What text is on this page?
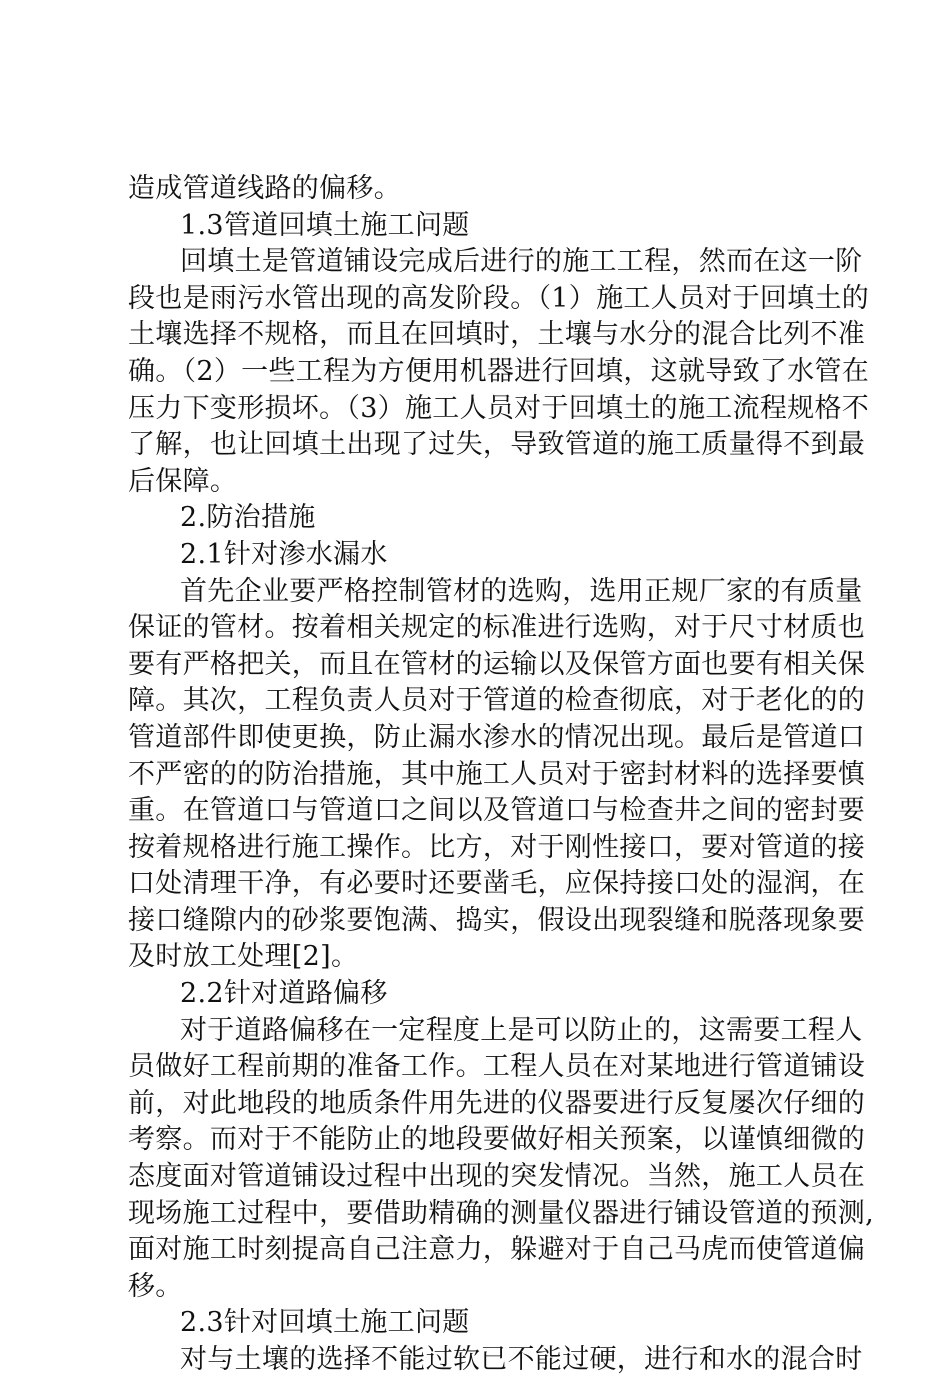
造成管道线路的偏移。
1.3管道回填土施工问题
回填土是管道铺设完成后进行的施工工程，然而在这一阶
段也是雨污水管出现的高发阶段。（1）施工人员对于回填土的
土壤选择不规格，而且在回填时，土壤与水分的混合比列不准
确。（2）一些工程为方便用机器进行回填，这就导致了水管在
压力下变形损坏。（3）施工人员对于回填土的施工流程规格不
了解，也让回填土出现了过失，导致管道的施工质量得不到最
后保障。
2.防治措施
2.1针对渗水漏水
首先企业要严格控制管材的选购，选用正规厂家的有质量
保证的管材。按着相关规定的标准进行选购，对于尺寸材质也
要有严格把关，而且在管材的运输以及保管方面也要有相关保
障。其次，工程负责人员对于管道的检查彻底，对于老化的的
管道部件即使更换，防止漏水渗水的情况出现。最后是管道口
不严密的的防治措施，其中施工人员对于密封材料的选择要慎
重。在管道口与管道口之间以及管道口与检查井之间的密封要
按着规格进行施工操作。比方，对于刚性接口，要对管道的接
口处清理干净，有必要时还要凿毛，应保持接口处的湿润，在
接口缝隙内的砂浆要饱满、捣实，假设出现裂缝和脱落现象要
及时放工处理[2]。
2.2针对道路偏移
对于道路偏移在一定程度上是可以防止的，这需要工程人
员做好工程前期的准备工作。工程人员在对某地进行管道铺设
前，对此地段的地质条件用先进的仪器要进行反复屡次仔细的
考察。而对于不能防止的地段要做好相关预案，以谨慎细微的
态度面对管道铺设过程中出现的突发情况。当然，施工人员在
现场施工过程中，要借助精确的测量仪器进行铺设管道的预测,
面对施工时刻提高自己注意力，躲避对于自己马虎而使管道偏
移。
2.3针对回填土施工问题
对与土壤的选择不能过软已不能过硬，进行和水的混合时
